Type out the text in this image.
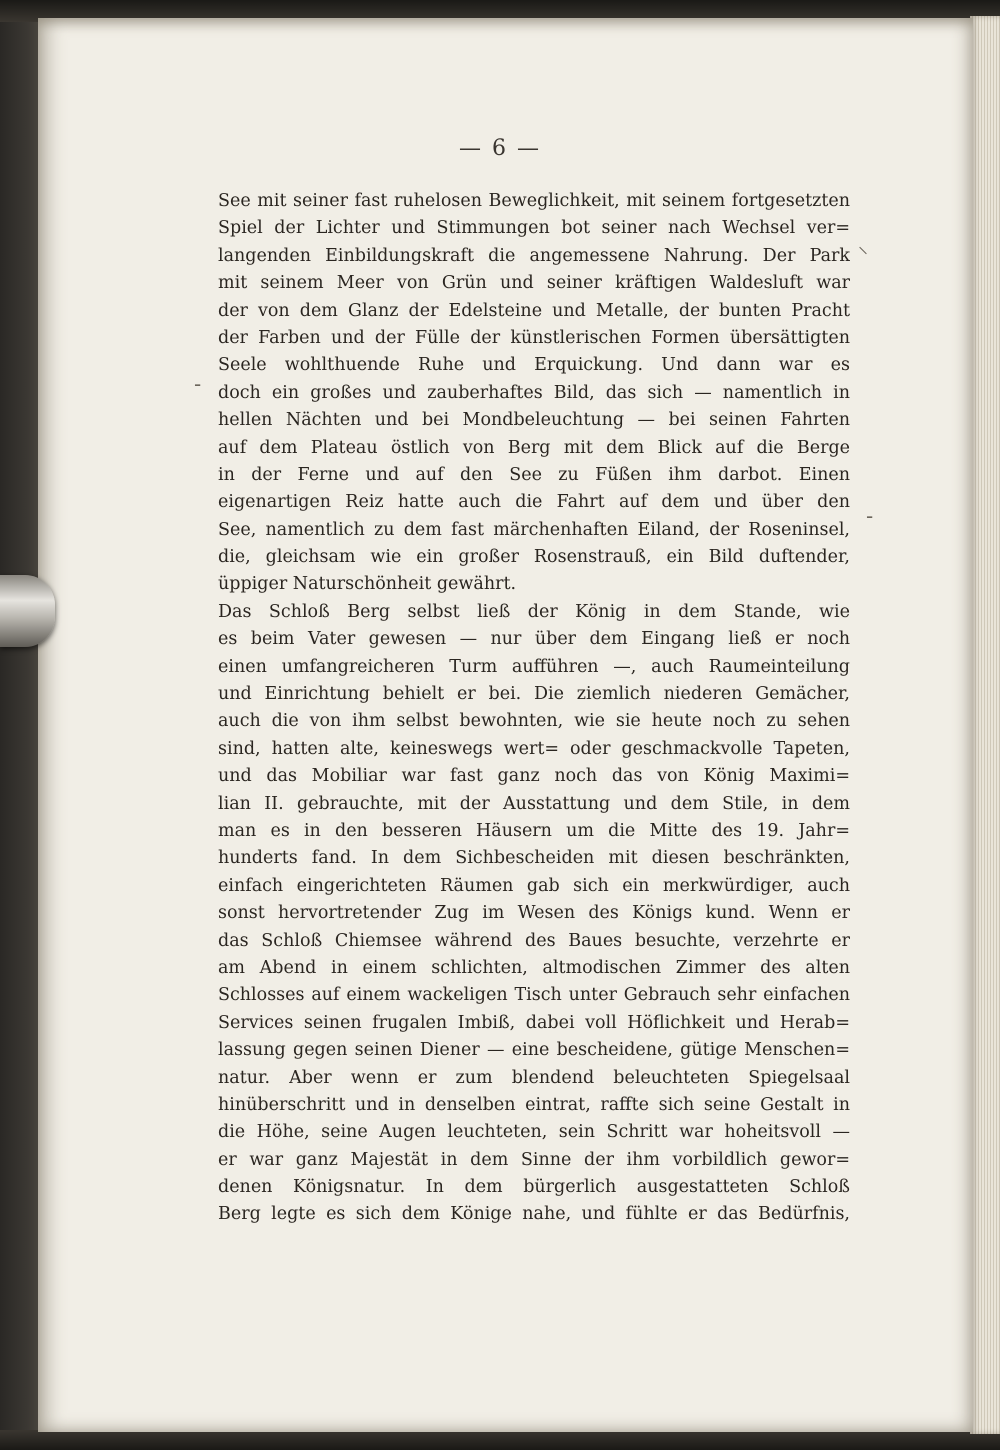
— 6 —
⸌
‐
‐
See mit seiner fast ruhelosen Beweglichkeit, mit seinem fortgesetzten
Spiel der Lichter und Stimmungen bot seiner nach Wechsel ver=
langenden Einbildungskraft die angemessene Nahrung. Der Park
mit seinem Meer von Grün und seiner kräftigen Waldesluft war
der von dem Glanz der Edelsteine und Metalle, der bunten Pracht
der Farben und der Fülle der künstlerischen Formen übersättigten
Seele wohlthuende Ruhe und Erquickung. Und dann war es
doch ein großes und zauberhaftes Bild, das sich — namentlich in
hellen Nächten und bei Mondbeleuchtung — bei seinen Fahrten
auf dem Plateau östlich von Berg mit dem Blick auf die Berge
in der Ferne und auf den See zu Füßen ihm darbot. Einen
eigenartigen Reiz hatte auch die Fahrt auf dem und über den
See, namentlich zu dem fast märchenhaften Eiland, der Roseninsel,
die, gleichsam wie ein großer Rosenstrauß, ein Bild duftender,
üppiger Naturschönheit gewährt.
Das Schloß Berg selbst ließ der König in dem Stande, wie
es beim Vater gewesen — nur über dem Eingang ließ er noch
einen umfangreicheren Turm aufführen —, auch Raumeinteilung
und Einrichtung behielt er bei. Die ziemlich niederen Gemächer,
auch die von ihm selbst bewohnten, wie sie heute noch zu sehen
sind, hatten alte, keineswegs wert= oder geschmackvolle Tapeten,
und das Mobiliar war fast ganz noch das von König Maximi=
lian II. gebrauchte, mit der Ausstattung und dem Stile, in dem
man es in den besseren Häusern um die Mitte des 19. Jahr=
hunderts fand. In dem Sichbescheiden mit diesen beschränkten,
einfach eingerichteten Räumen gab sich ein merkwürdiger, auch
sonst hervortretender Zug im Wesen des Königs kund. Wenn er
das Schloß Chiemsee während des Baues besuchte, verzehrte er
am Abend in einem schlichten, altmodischen Zimmer des alten
Schlosses auf einem wackeligen Tisch unter Gebrauch sehr einfachen
Services seinen frugalen Imbiß, dabei voll Höflichkeit und Herab=
lassung gegen seinen Diener — eine bescheidene, gütige Menschen=
natur. Aber wenn er zum blendend beleuchteten Spiegelsaal
hinüberschritt und in denselben eintrat, raffte sich seine Gestalt in
die Höhe, seine Augen leuchteten, sein Schritt war hoheitsvoll —
er war ganz Majestät in dem Sinne der ihm vorbildlich gewor=
denen Königsnatur. In dem bürgerlich ausgestatteten Schloß
Berg legte es sich dem Könige nahe, und fühlte er das Bedürfnis,
